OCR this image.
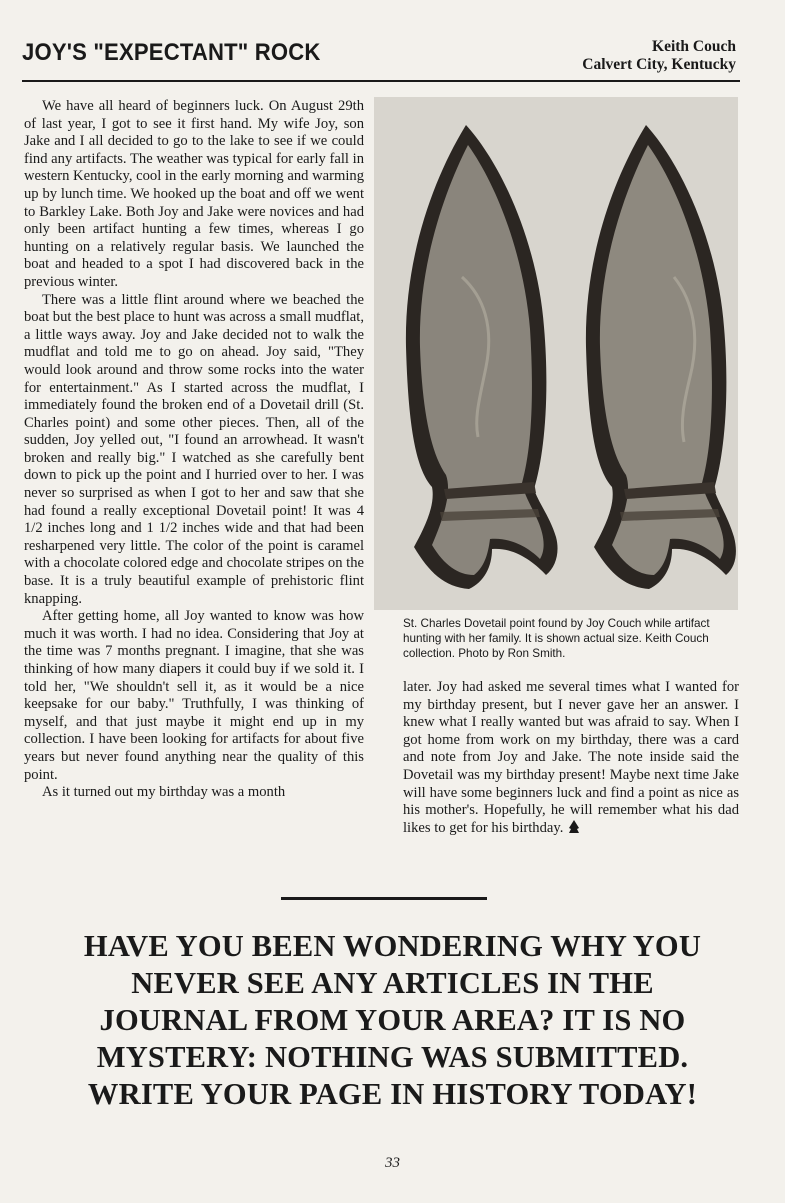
JOY'S "EXPECTANT" ROCK	Keith Couch
Calvert City, Kentucky

We have all heard of beginners luck. On August 29th of last year, I got to see it first hand. My wife Joy, son Jake and I all decided to go to the lake to see if we could find any artifacts. The weather was typical for early fall in western Kentucky, cool in the early morning and warming up by lunch time. We hooked up the boat and off we went to Barkley Lake. Both Joy and Jake were novices and had only been artifact hunting a few times, whereas I go hunting on a relatively regular basis. We launched the boat and headed to a spot I had discovered back in the previous winter.

There was a little flint around where we beached the boat but the best place to hunt was across a small mudflat, a little ways away. Joy and Jake decided not to walk the mudflat and told me to go on ahead. Joy said, "They would look around and throw some rocks into the water for entertainment." As I started across the mudflat, I immediately found the broken end of a Dovetail drill (St. Charles point) and some other pieces. Then, all of the sudden, Joy yelled out, "I found an arrowhead. It wasn't broken and really big." I watched as she carefully bent down to pick up the point and I hurried over to her. I was never so surprised as when I got to her and saw that she had found a really exceptional Dovetail point! It was 4 1/2 inches long and 1 1/2 inches wide and that had been resharpened very little. The color of the point is caramel with a chocolate colored edge and chocolate stripes on the base. It is a truly beautiful example of prehistoric flint knapping.

After getting home, all Joy wanted to know was how much it was worth. I had no idea. Considering that Joy at the time was 7 months pregnant. I imagine, that she was thinking of how many diapers it could buy if we sold it. I told her, "We shouldn't sell it, as it would be a nice keepsake for our baby." Truthfully, I was thinking of myself, and that just maybe it might end up in my collection. I have been looking for artifacts for about five years but never found anything near the quality of this point.

As it turned out my birthday was a month

St. Charles Dovetail point found by Joy Couch while artifact hunting with her family. It is shown actual size. Keith Couch collection. Photo by Ron Smith.

later. Joy had asked me several times what I wanted for my birthday present, but I never gave her an answer. I knew what I really wanted but was afraid to say. When I got home from work on my birthday, there was a card and note from Joy and Jake. The note inside said the Dovetail was my birthday present! Maybe next time Jake will have some beginners luck and find a point as nice as his mother's. Hopefully, he will remember what his dad likes to get for his birthday.

HAVE YOU BEEN WONDERING WHY YOU
NEVER SEE ANY ARTICLES IN THE
JOURNAL FROM YOUR AREA? IT IS NO
MYSTERY: NOTHING WAS SUBMITTED.
WRITE YOUR PAGE IN HISTORY TODAY!
33
